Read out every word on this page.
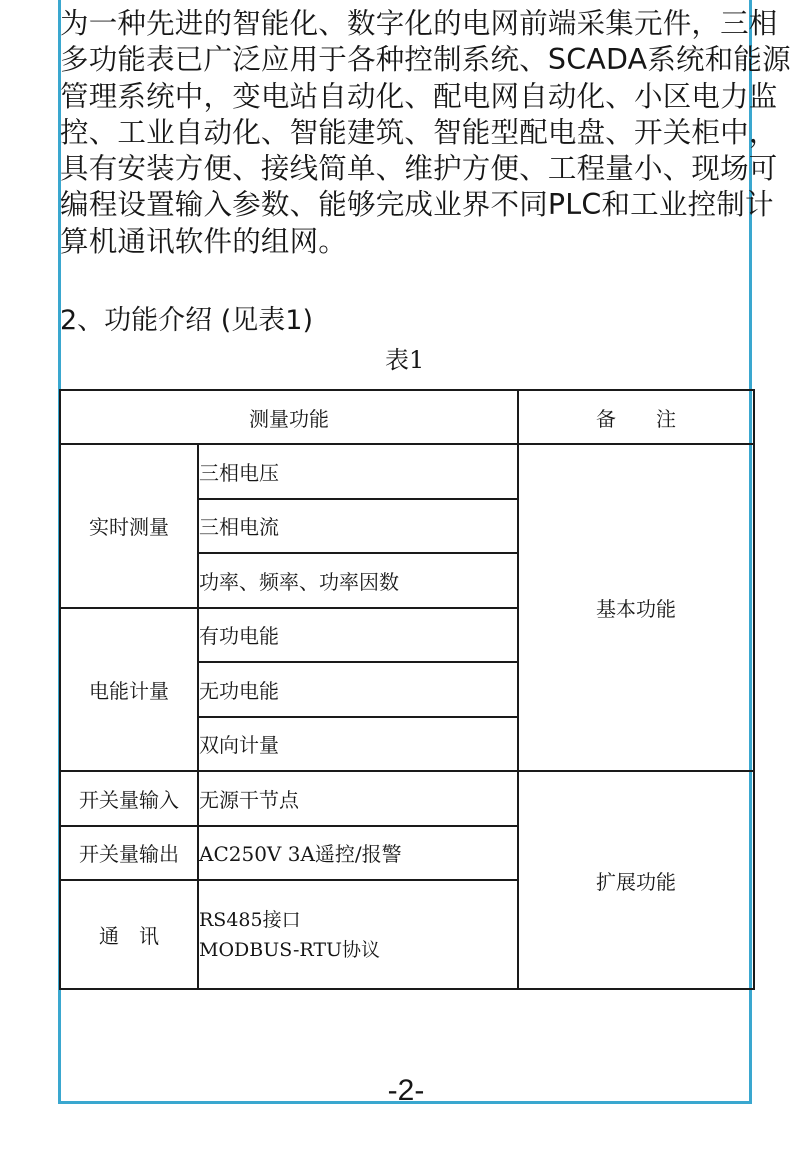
为一种先进的智能化、数字化的电网前端采集元件，三相
多功能表已广泛应用于各种控制系统、SCADA系统和能源
管理系统中，变电站自动化、配电网自动化、小区电力监
控、工业自动化、智能建筑、智能型配电盘、开关柜中，
具有安装方便、接线简单、维护方便、工程量小、现场可
编程设置输入参数、能够完成业界不同PLC和工业控制计
算机通讯软件的组网。

2、功能介绍 (见表1)
表1
测量功能		备　　注
实时测量	三相电压	基本功能
	三相电流	
	功率、频率、功率因数	
电能计量	有功电能	
	无功电能	
	双向计量	
开关量输入	无源干节点	扩展功能
开关量输出	AC250V 3A遥控/报警	
通　讯	RS485接口
MODBUS-RTU协议	
-2-
